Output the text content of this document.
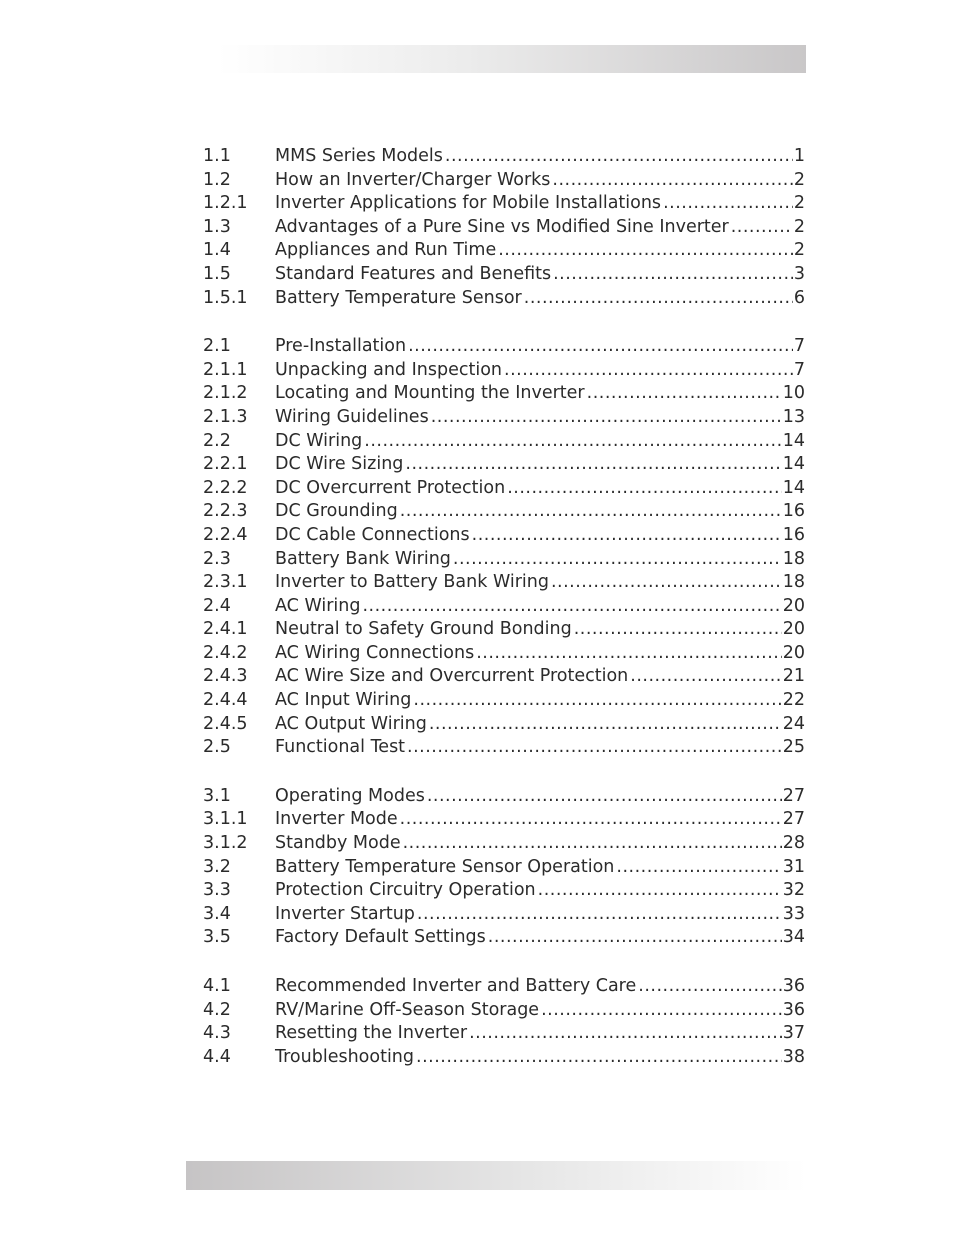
1.1	MMS Series Models .....	1
1.2	How an Inverter/Charger Works .....	2
1.2.1	Inverter Applications for Mobile Installations .....	2
1.3	Advantages of a Pure Sine vs Modified Sine Inverter .....	2
1.4	Appliances and Run Time .....	2
1.5	Standard Features and Benefits .....	3
1.5.1	Battery Temperature Sensor .....	6
2.1	Pre-Installation .....	7
2.1.1	Unpacking and Inspection .....	7
2.1.2	Locating and Mounting the Inverter .....	10
2.1.3	Wiring Guidelines .....	13
2.2	DC Wiring .....	14
2.2.1	DC Wire Sizing .....	14
2.2.2	DC Overcurrent Protection .....	14
2.2.3	DC Grounding .....	16
2.2.4	DC Cable Connections .....	16
2.3	Battery Bank Wiring .....	18
2.3.1	Inverter to Battery Bank Wiring .....	18
2.4	AC Wiring .....	20
2.4.1	Neutral to Safety Ground Bonding .....	20
2.4.2	AC Wiring Connections .....	20
2.4.3	AC Wire Size and Overcurrent Protection .....	21
2.4.4	AC Input Wiring .....	22
2.4.5	AC Output Wiring .....	24
2.5	Functional Test .....	25
3.1	Operating Modes .....	27
3.1.1	Inverter Mode .....	27
3.1.2	Standby Mode .....	28
3.2	Battery Temperature Sensor Operation .....	31
3.3	Protection Circuitry Operation .....	32
3.4	Inverter Startup .....	33
3.5	Factory Default Settings .....	34
4.1	Recommended Inverter and Battery Care .....	36
4.2	RV/Marine Off-Season Storage .....	36
4.3	Resetting the Inverter .....	37
4.4	Troubleshooting .....	38
